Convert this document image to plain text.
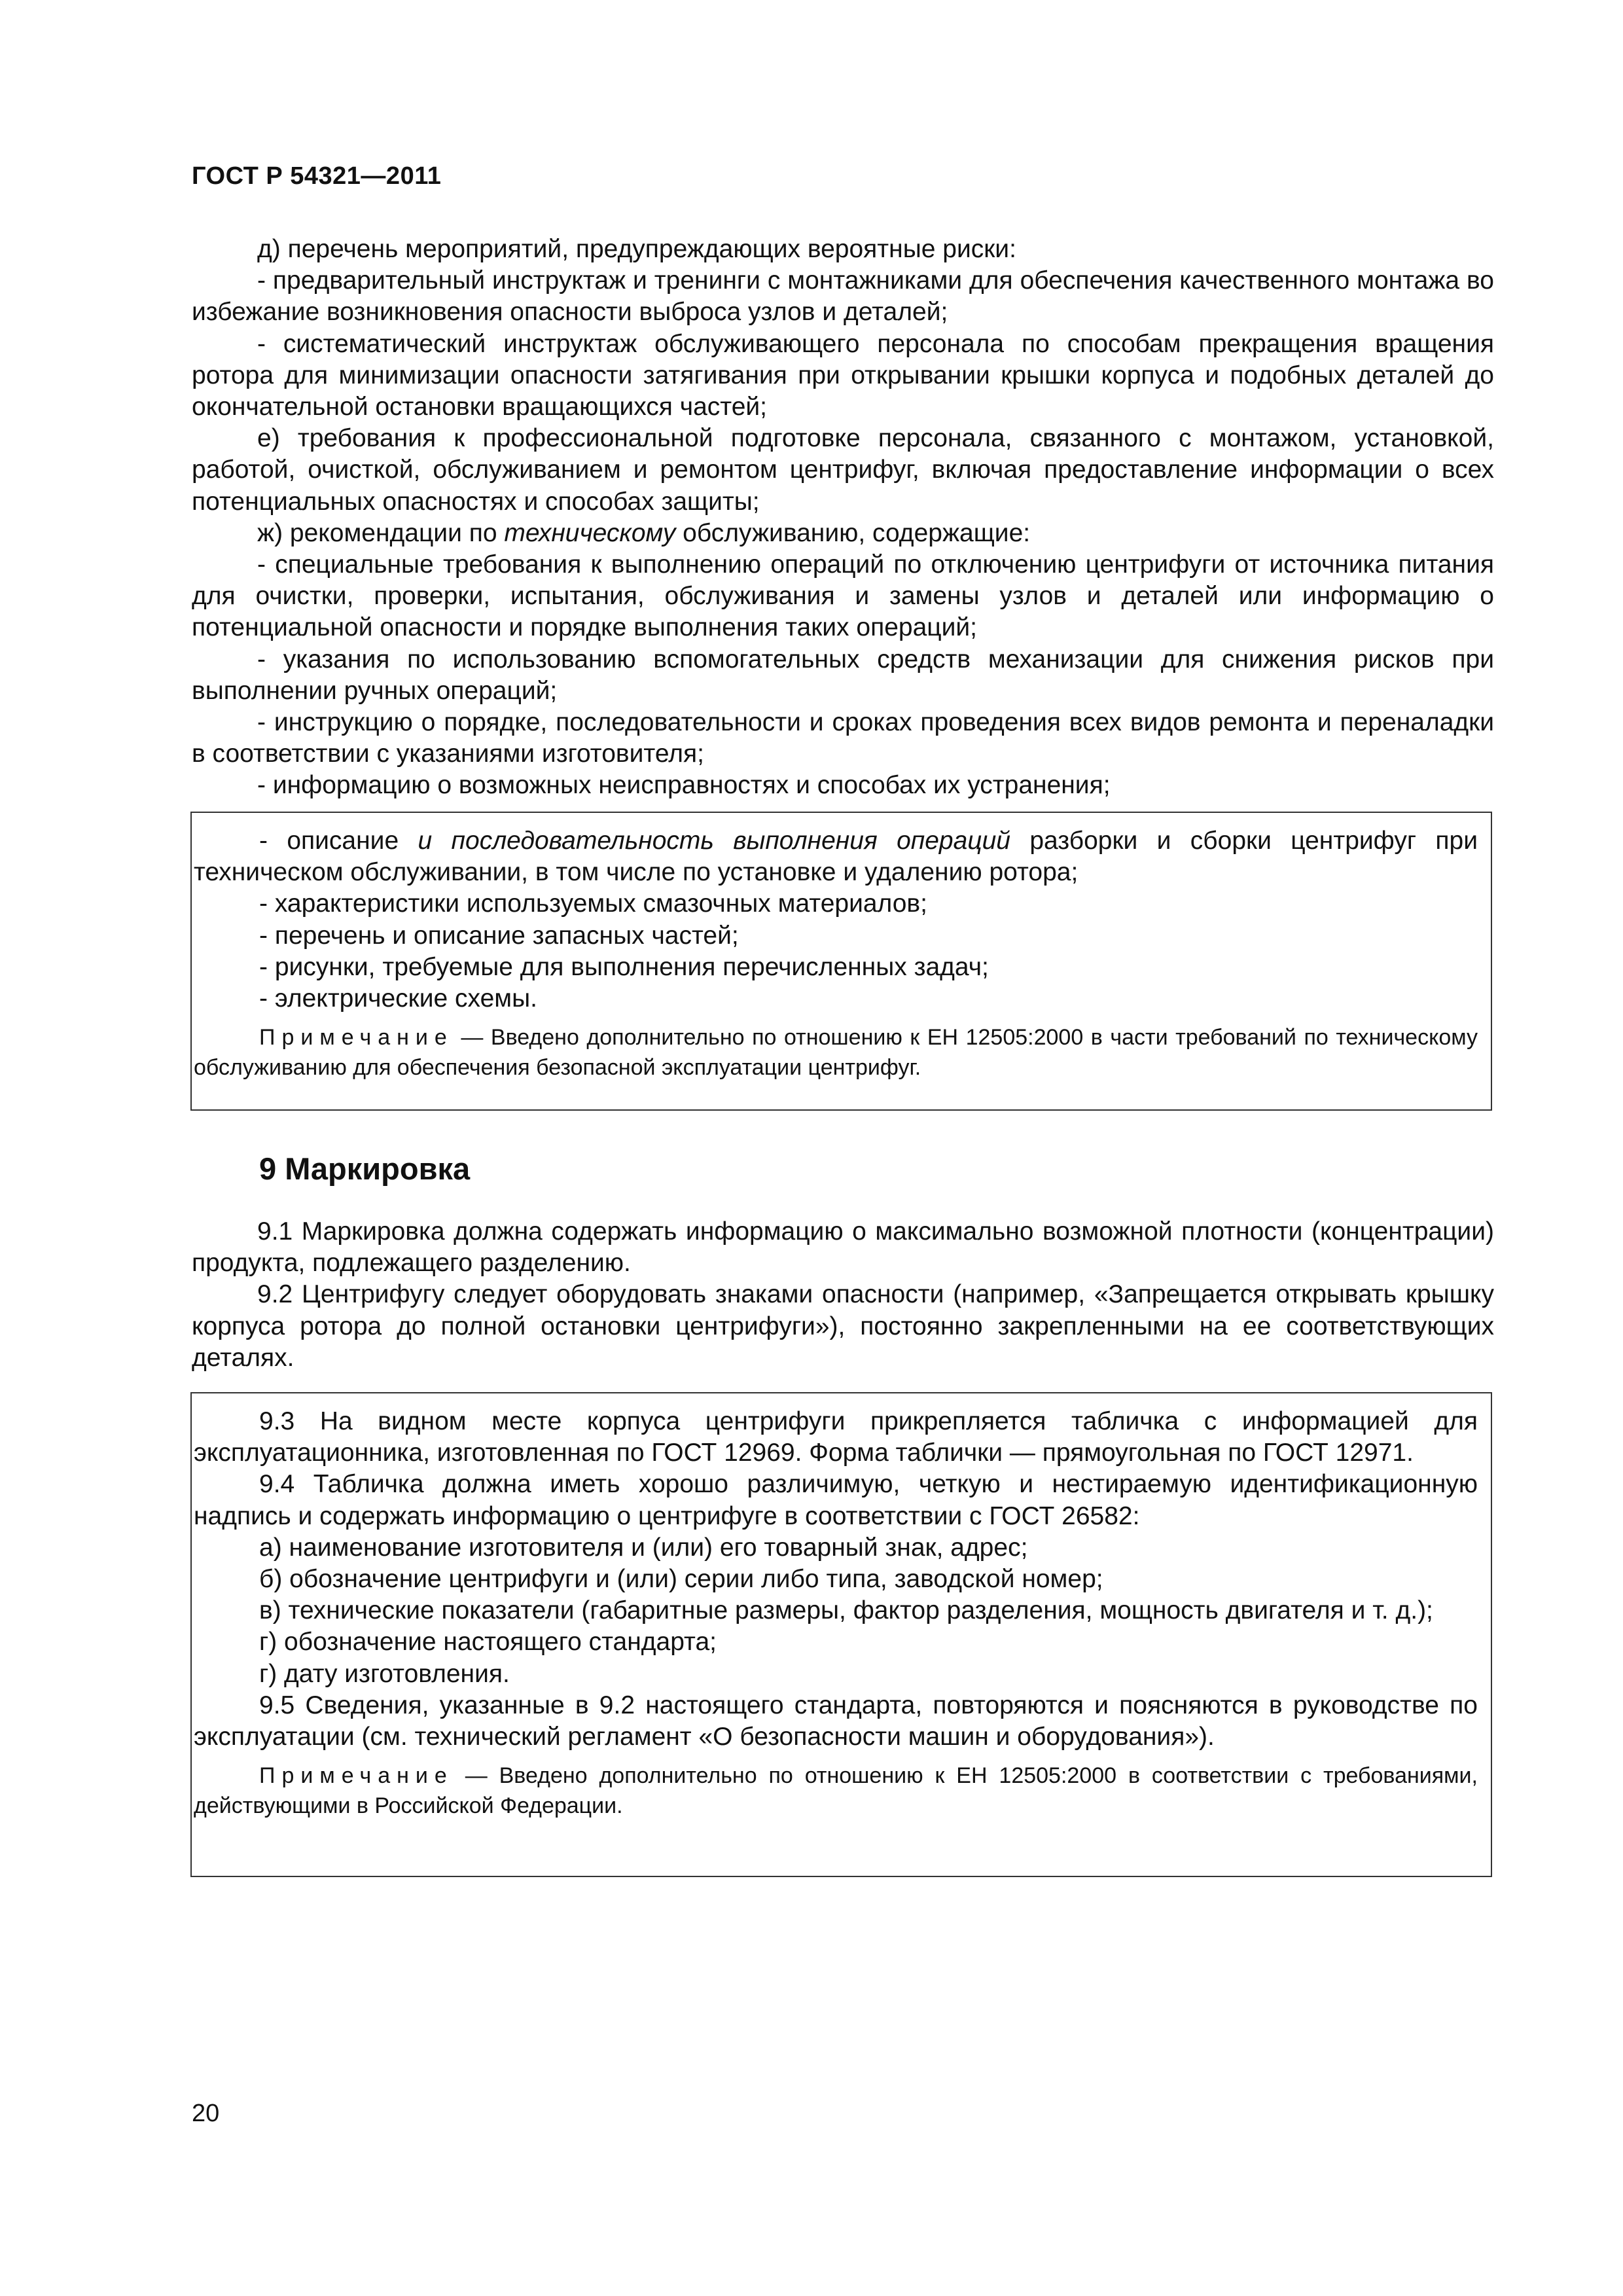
ГОСТ Р 54321—2011

д) перечень мероприятий, предупреждающих вероятные риски:

- предварительный инструктаж и тренинги с монтажниками для обеспечения качественного монтажа во избежание возникновения опасности выброса узлов и деталей;

- систематический инструктаж обслуживающего персонала по способам прекращения вращения ротора для минимизации опасности затягивания при открывании крышки корпуса и подобных деталей до окончательной остановки вращающихся частей;

е) требования к профессиональной подготовке персонала, связанного с монтажом, установкой, работой, очисткой, обслуживанием и ремонтом центрифуг, включая предоставление информации о всех потенциальных опасностях и способах защиты;

ж) рекомендации по техническому обслуживанию, содержащие:

- специальные требования к выполнению операций по отключению центрифуги от источника питания для очистки, проверки, испытания, обслуживания и замены узлов и деталей или информацию о потенциальной опасности и порядке выполнения таких операций;

- указания по использованию вспомогательных средств механизации для снижения рисков при выполнении ручных операций;

- инструкцию о порядке, последовательности и сроках проведения всех видов ремонта и переналадки в соответствии с указаниями изготовителя;

- информацию о возможных неисправностях и способах их устранения;

- описание и последовательность выполнения операций разборки и сборки центрифуг при техническом обслуживании, в том числе по установке и удалению ротора;

- характеристики используемых смазочных материалов;

- перечень и описание запасных частей;

- рисунки, требуемые для выполнения перечисленных задач;

- электрические схемы.

Примечание — Введено дополнительно по отношению к ЕН 12505:2000 в части требований по техническому обслуживанию для обеспечения безопасной эксплуатации центрифуг.

9 Маркировка

9.1 Маркировка должна содержать информацию о максимально возможной плотности (концентрации) продукта, подлежащего разделению.

9.2 Центрифугу следует оборудовать знаками опасности (например, «Запрещается открывать крышку корпуса ротора до полной остановки центрифуги»), постоянно закрепленными на ее соответствующих деталях.

9.3 На видном месте корпуса центрифуги прикрепляется табличка с информацией для эксплуатационника, изготовленная по ГОСТ 12969. Форма таблички — прямоугольная по ГОСТ 12971.

9.4 Табличка должна иметь хорошо различимую, четкую и нестираемую идентификационную надпись и содержать информацию о центрифуге в соответствии с ГОСТ 26582:

а) наименование изготовителя и (или) его товарный знак, адрес;

б) обозначение центрифуги и (или) серии либо типа, заводской номер;

в) технические показатели (габаритные размеры, фактор разделения, мощность двигателя и т. д.);

г) обозначение настоящего стандарта;

г) дату изготовления.

9.5 Сведения, указанные в 9.2 настоящего стандарта, повторяются и поясняются в руководстве по эксплуатации (см. технический регламент «О безопасности машин и оборудования»).

Примечание — Введено дополнительно по отношению к ЕН 12505:2000 в соответствии с требованиями, действующими в Российской Федерации.

20
